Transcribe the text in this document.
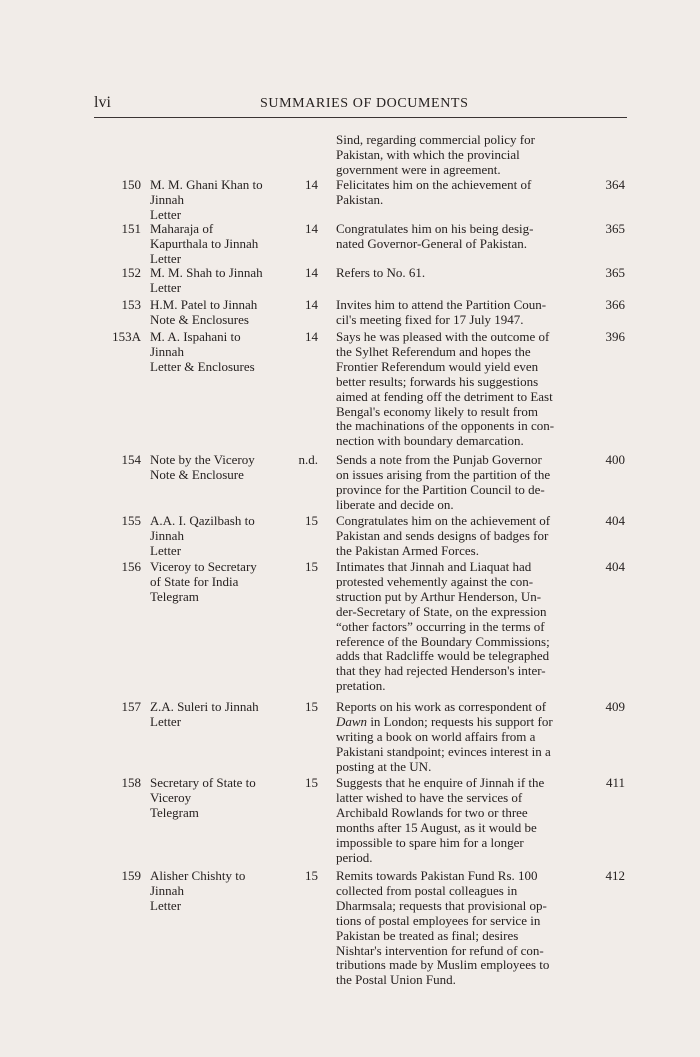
lvi	SUMMARIES OF DOCUMENTS
Sind, regarding commercial policy for
Pakistan, with which the provincial
government were in agreement.
150 M. M. Ghani Khan to
Jinnah
Letter
14 Felicitates him on the achievement of
Pakistan.
364
151 Maharaja of
Kapurthala to Jinnah
Letter
14 Congratulates him on his being desig-
nated Governor-General of Pakistan.
365
152 M. M. Shah to Jinnah
Letter
14 Refers to No. 61.	365
153 H.M. Patel to Jinnah
Note & Enclosures
14 Invites him to attend the Partition Coun-
cil's meeting fixed for 17 July 1947.
366
153A M. A. Ispahani to
Jinnah
Letter & Enclosures
14 Says he was pleased with the outcome of
the Sylhet Referendum and hopes the
Frontier Referendum would yield even
better results; forwards his suggestions
aimed at fending off the detriment to East
Bengal's economy likely to result from
the machinations of the opponents in con-
nection with boundary demarcation.
396
154 Note by the Viceroy
Note & Enclosure
n.d. Sends a note from the Punjab Governor
on issues arising from the partition of the
province for the Partition Council to de-
liberate and decide on.
400
155 A.A. I. Qazilbash to
Jinnah
Letter
15 Congratulates him on the achievement of
Pakistan and sends designs of badges for
the Pakistan Armed Forces.
404
156 Viceroy to Secretary
of State for India
Telegram
15 Intimates that Jinnah and Liaquat had
protested vehemently against the con-
struction put by Arthur Henderson, Un-
der-Secretary of State, on the expression
“other factors” occurring in the terms of
reference of the Boundary Commissions;
adds that Radcliffe would be telegraphed
that they had rejected Henderson's inter-
pretation.
404
157 Z.A. Suleri to Jinnah
Letter
15 Reports on his work as correspondent of
Dawn in London; requests his support for
writing a book on world affairs from a
Pakistani standpoint; evinces interest in a
posting at the UN.
409
158 Secretary of State to
Viceroy
Telegram
15 Suggests that he enquire of Jinnah if the
latter wished to have the services of
Archibald Rowlands for two or three
months after 15 August, as it would be
impossible to spare him for a longer
period.
411
159 Alisher Chishty to
Jinnah
Letter
15 Remits towards Pakistan Fund Rs. 100
collected from postal colleagues in
Dharmsala; requests that provisional op-
tions of postal employees for service in
Pakistan be treated as final; desires
Nishtar's intervention for refund of con-
tributions made by Muslim employees to
the Postal Union Fund.
412
